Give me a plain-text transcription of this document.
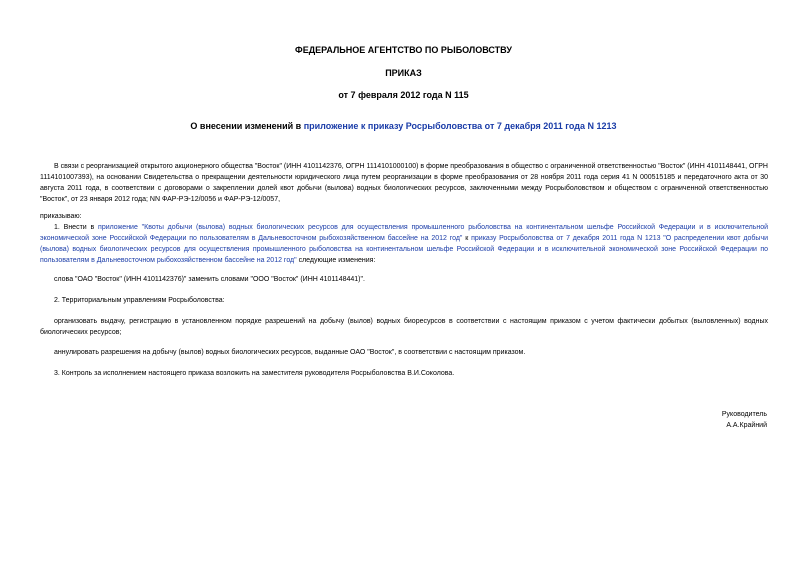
ФЕДЕРАЛЬНОЕ АГЕНТСТВО ПО РЫБОЛОВСТВУ
ПРИКАЗ
от 7 февраля 2012 года N 115
О внесении изменений в приложение к приказу Росрыболовства от 7 декабря 2011 года N 1213
В связи с реорганизацией открытого акционерного общества "Восток" (ИНН 4101142376, ОГРН 1114101000100) в форме преобразования в общество с ограниченной ответственностью "Восток" (ИНН 4101148441, ОГРН 1114101007393), на основании Свидетельства о прекращении деятельности юридического лица путем реорганизации в форме преобразования от 28 ноября 2011 года серия 41 N 000515185 и передаточного акта от 30 августа 2011 года, в соответствии с договорами о закреплении долей квот добычи (вылова) водных биологических ресурсов, заключенными между Росрыболовством и обществом с ограниченной ответственностью "Восток", от 23 января 2012 года; NN ФАР-РЭ-12/0056 и ФАР-РЭ-12/0057,
приказываю:
1. Внести в приложение "Квоты добычи (вылова) водных биологических ресурсов для осуществления промышленного рыболовства на континентальном шельфе Российской Федерации и в исключительной экономической зоне Российской Федерации по пользователям в Дальневосточном рыбохозяйственном бассейне на 2012 год" к приказу Росрыболовства от 7 декабря 2011 года N 1213 "О распределении квот добычи (вылова) водных биологических ресурсов для осуществления промышленного рыболовства на континентальном шельфе Российской Федерации и в исключительной экономической зоне Российской Федерации по пользователям в Дальневосточном рыбохозяйственном бассейне на 2012 год" следующие изменения:
слова "ОАО "Восток" (ИНН 4101142376)" заменить словами "ООО "Восток" (ИНН 4101148441)".
2. Территориальным управлениям Росрыболовства:
организовать выдачу, регистрацию в установленном порядке разрешений на добычу (вылов) водных биоресурсов в соответствии с настоящим приказом с учетом фактически добытых (выловленных) водных биологических ресурсов;
аннулировать разрешения на добычу (вылов) водных биологических ресурсов, выданные ОАО "Восток", в соответствии с настоящим приказом.
3. Контроль за исполнением настоящего приказа возложить на заместителя руководителя Росрыболовства В.И.Соколова.
Руководитель
А.А.Крайний
